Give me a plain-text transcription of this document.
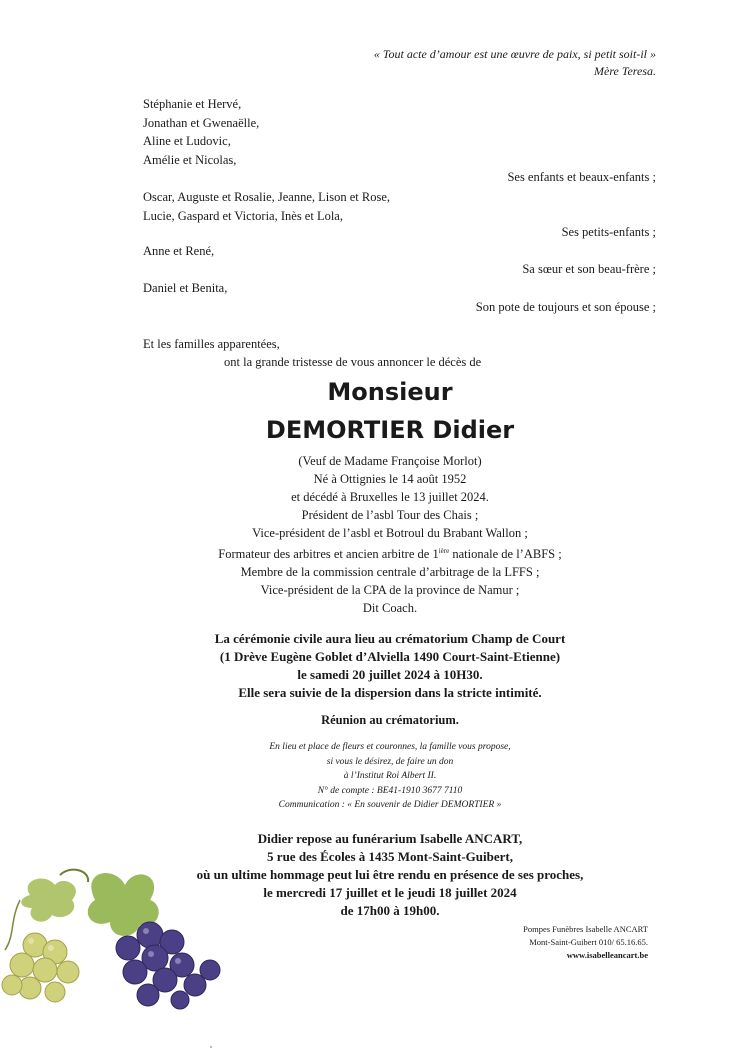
« Tout acte d’amour est une œuvre de paix, si petit soit-il »
Mère Teresa.
Stéphanie et Hervé,
Jonathan et Gwenaëlle,
Aline et Ludovic,
Amélie et Nicolas,
Ses enfants et beaux-enfants ;
Oscar, Auguste et Rosalie, Jeanne, Lison et Rose,
Lucie, Gaspard et Victoria, Inès et Lola,
Ses petits-enfants ;
Anne et René,
Sa sœur et son beau-frère ;
Daniel et Benita,
Son pote de toujours et son épouse ;
Et les familles apparentées,
ont la grande tristesse de vous annoncer le décès de
Monsieur
DEMORTIER Didier
(Veuf de Madame Françoise Morlot)
Né à Ottignies le 14 août 1952
et décédé à Bruxelles le 13 juillet 2024.
Président de l’asbl Tour des Chais ;
Vice-président de l’asbl et Botroul du Brabant Wallon ;
Formateur des arbitres et ancien arbitre de $1^{ière}$ nationale de l’ABFS ;
Membre de la commission centrale d’arbitrage de la LFFS ;
Vice-président de la CPA de la province de Namur ;
Dit Coach.
La cérémonie civile aura lieu au crématorium Champ de Court
(1 Drève Eugène Goblet d’Alviella 1490 Court-Saint-Etienne)
le samedi 20 juillet 2024 à 10H30.
Elle sera suivie de la dispersion dans la stricte intimité.
Réunion au crématorium.
En lieu et place de fleurs et couronnes, la famille vous propose,
si vous le désirez, de faire un don
à l’Institut Roi Albert II.
N° de compte : BE41-1910 3677 7110
Communication : « En souvenir de Didier DEMORTIER »
Didier repose au funérarium Isabelle ANCART,
5 rue des Écoles à 1435 Mont-Saint-Guibert,
où un ultime hommage peut lui être rendu en présence de ses proches,
le mercredi 17 juillet et le jeudi 18 juillet 2024
de 17h00 à 19h00.
Pompes Funèbres Isabelle ANCART
Mont-Saint-Guibert 010/ 65.16.65.
www.isabelleancart.be
